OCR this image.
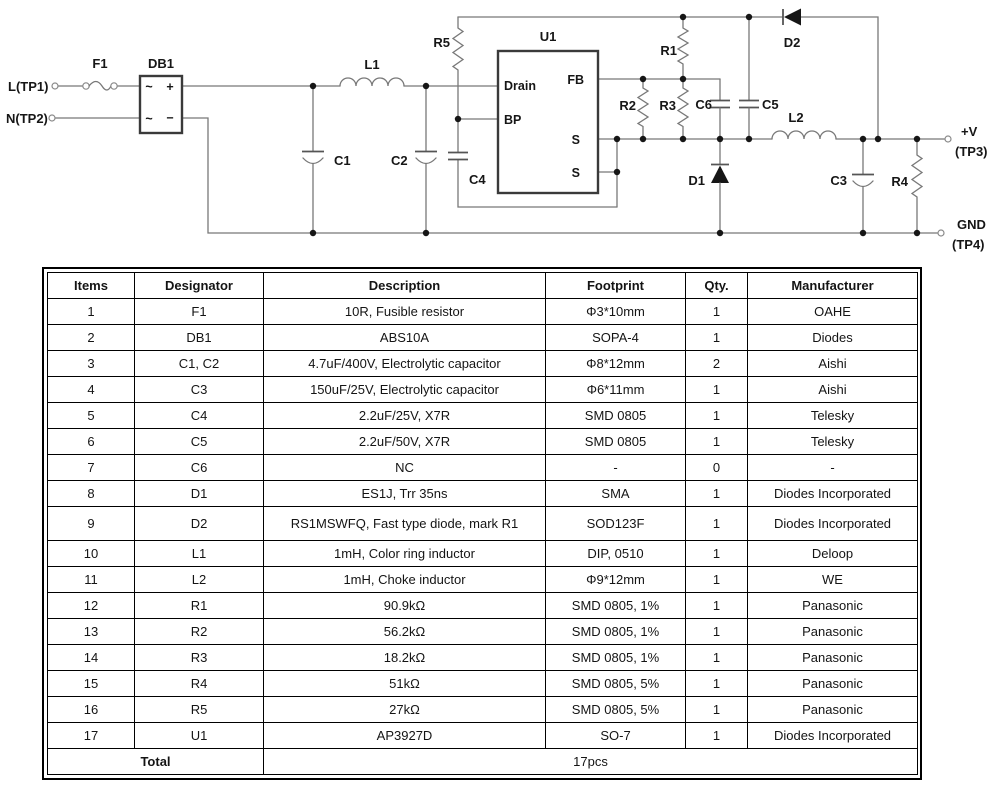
L(TP1)
N(TP2)
F1	DB1
~ +
~ −
L1
C1	C2
C4
R5	U1
Drain
BP
FB
S
S
R1
R2 R3 C6	C5
D1
D2
L2
C3	R4
+V
(TP3)
GND
(TP4)
Items	Designator	Description	Footprint	Qty.	Manufacturer
1	F1	10R, Fusible resistor	Φ3*10mm	1	OAHE
2	DB1	ABS10A	SOPA-4	1	Diodes
3	C1, C2	4.7uF/400V, Electrolytic capacitor	Φ8*12mm	2	Aishi
4	C3	150uF/25V, Electrolytic capacitor	Φ6*11mm	1	Aishi
5	C4	2.2uF/25V, X7R	SMD 0805	1	Telesky
6	C5	2.2uF/50V, X7R	SMD 0805	1	Telesky
7	C6	NC	-	0	-
8	D1	ES1J, Trr 35ns	SMA	1	Diodes Incorporated
9	D2	RS1MSWFQ, Fast type diode, mark R1	SOD123F	1	Diodes Incorporated
10	L1	1mH, Color ring inductor	DIP, 0510	1	Deloop
11	L2	1mH, Choke inductor	Φ9*12mm	1	WE
12	R1	90.9kΩ	SMD 0805, 1%	1	Panasonic
13	R2	56.2kΩ	SMD 0805, 1%	1	Panasonic
14	R3	18.2kΩ	SMD 0805, 1%	1	Panasonic
15	R4	51kΩ	SMD 0805, 5%	1	Panasonic
16	R5	27kΩ	SMD 0805, 5%	1	Panasonic
17	U1	AP3927D	SO-7	1	Diodes Incorporated
Total		17pcs			
